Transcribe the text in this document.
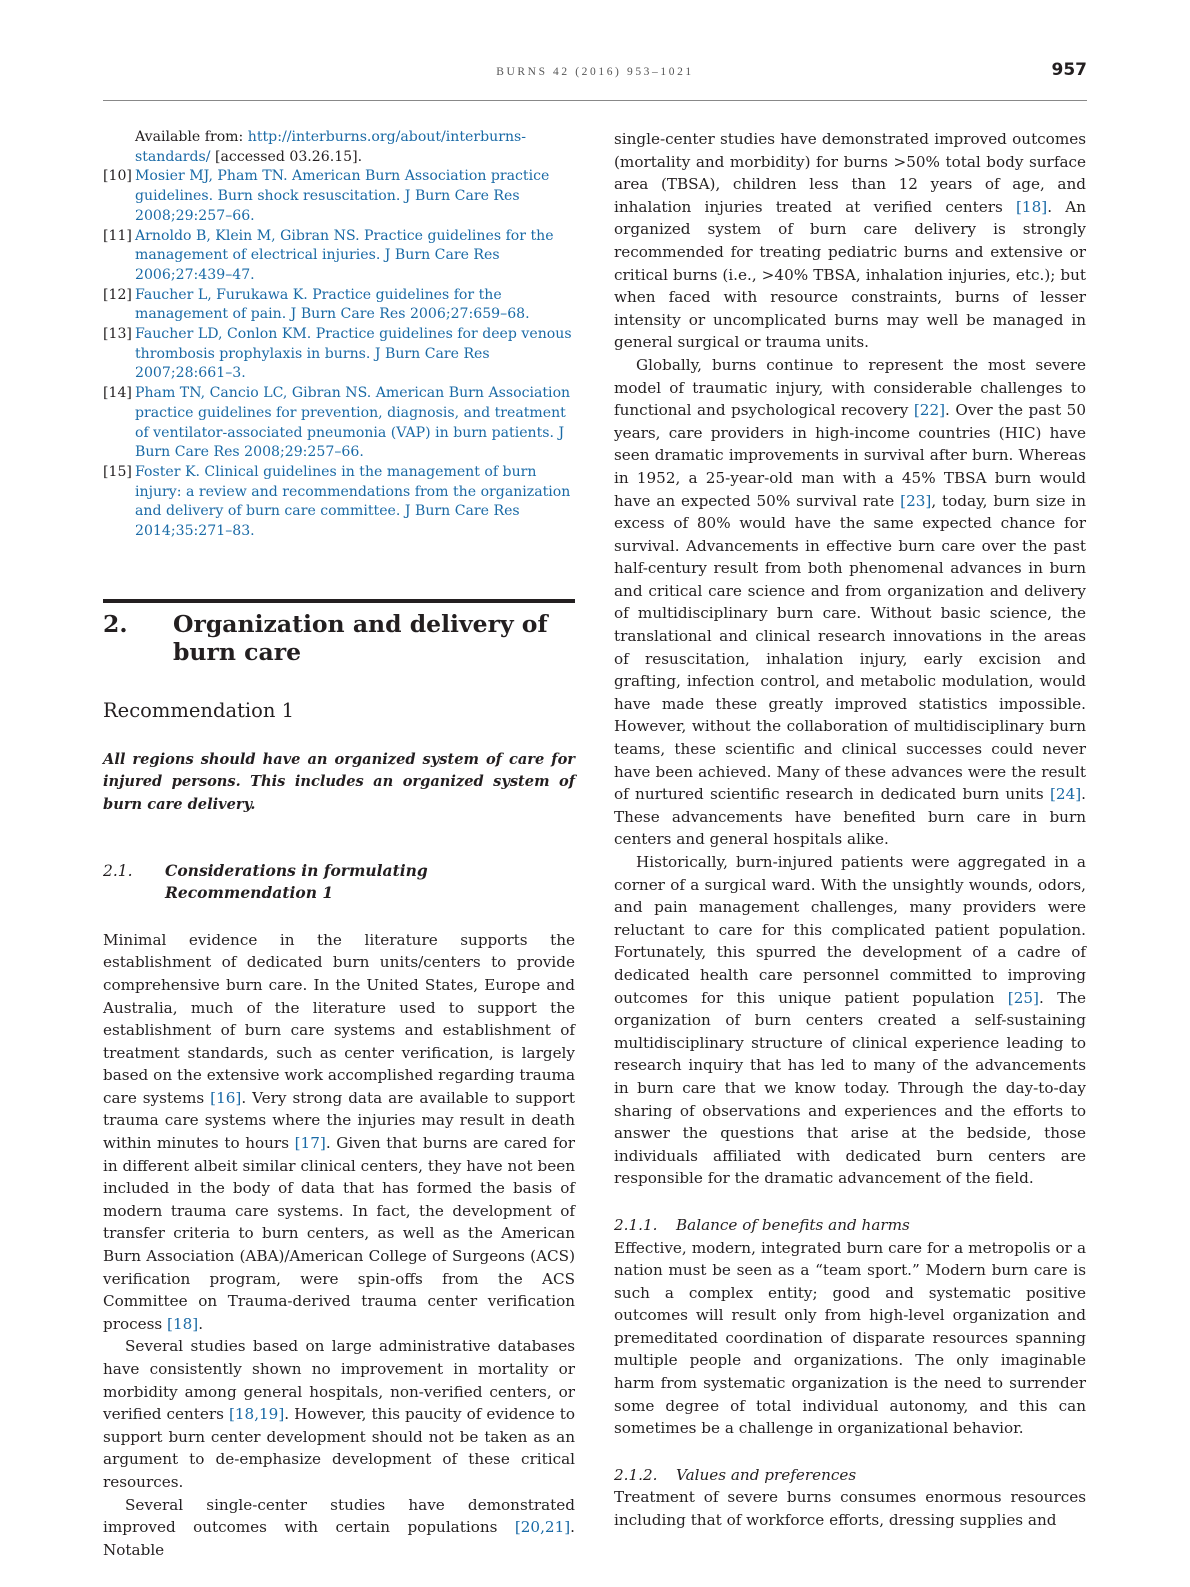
BURNS 42 (2016) 953–1021	957
Available from: http://interburns.org/about/interburns-standards/ [accessed 03.26.15].
[10] Mosier MJ, Pham TN. American Burn Association practice guidelines. Burn shock resuscitation. J Burn Care Res 2008;29:257–66.
[11] Arnoldo B, Klein M, Gibran NS. Practice guidelines for the management of electrical injuries. J Burn Care Res 2006;27:439–47.
[12] Faucher L, Furukawa K. Practice guidelines for the management of pain. J Burn Care Res 2006;27:659–68.
[13] Faucher LD, Conlon KM. Practice guidelines for deep venous thrombosis prophylaxis in burns. J Burn Care Res 2007;28:661–3.
[14] Pham TN, Cancio LC, Gibran NS. American Burn Association practice guidelines for prevention, diagnosis, and treatment of ventilator-associated pneumonia (VAP) in burn patients. J Burn Care Res 2008;29:257–66.
[15] Foster K. Clinical guidelines in the management of burn injury: a review and recommendations from the organization and delivery of burn care committee. J Burn Care Res 2014;35:271–83.
2.	Organization and delivery of burn care
Recommendation 1
All regions should have an organized system of care for injured persons. This includes an organized system of burn care delivery.
2.1.	Considerations in formulating Recommendation 1

Minimal evidence in the literature supports the establishment of dedicated burn units/centers to provide comprehensive burn care. In the United States, Europe and Australia, much of the literature used to support the establishment of burn care systems and establishment of treatment standards, such as center verification, is largely based on the extensive work accomplished regarding trauma care systems [16]. Very strong data are available to support trauma care systems where the injuries may result in death within minutes to hours [17]. Given that burns are cared for in different albeit similar clinical centers, they have not been included in the body of data that has formed the basis of modern trauma care systems. In fact, the development of transfer criteria to burn centers, as well as the American Burn Association (ABA)/American College of Surgeons (ACS) verification program, were spin-offs from the ACS Committee on Trauma-derived trauma center verification process [18].

Several studies based on large administrative databases have consistently shown no improvement in mortality or morbidity among general hospitals, non-verified centers, or verified centers [18,19]. However, this paucity of evidence to support burn center development should not be taken as an argument to de-emphasize development of these critical resources.

Several single-center studies have demonstrated improved outcomes with certain populations [20,21]. Notable

single-center studies have demonstrated improved outcomes (mortality and morbidity) for burns >50% total body surface area (TBSA), children less than 12 years of age, and inhalation injuries treated at verified centers [18]. An organized system of burn care delivery is strongly recommended for treating pediatric burns and extensive or critical burns (i.e., >40% TBSA, inhalation injuries, etc.); but when faced with resource constraints, burns of lesser intensity or uncomplicated burns may well be managed in general surgical or trauma units.

Globally, burns continue to represent the most severe model of traumatic injury, with considerable challenges to functional and psychological recovery [22]. Over the past 50 years, care providers in high-income countries (HIC) have seen dramatic improvements in survival after burn. Whereas in 1952, a 25-year-old man with a 45% TBSA burn would have an expected 50% survival rate [23], today, burn size in excess of 80% would have the same expected chance for survival. Advancements in effective burn care over the past half-century result from both phenomenal advances in burn and critical care science and from organization and delivery of multidisciplinary burn care. Without basic science, the translational and clinical research innovations in the areas of resuscitation, inhalation injury, early excision and grafting, infection control, and metabolic modulation, would have made these greatly improved statistics impossible. However, without the collaboration of multidisciplinary burn teams, these scientific and clinical successes could never have been achieved. Many of these advances were the result of nurtured scientific research in dedicated burn units [24]. These advancements have benefited burn care in burn centers and general hospitals alike.

Historically, burn-injured patients were aggregated in a corner of a surgical ward. With the unsightly wounds, odors, and pain management challenges, many providers were reluctant to care for this complicated patient population. Fortunately, this spurred the development of a cadre of dedicated health care personnel committed to improving outcomes for this unique patient population [25]. The organization of burn centers created a self-sustaining multidisciplinary structure of clinical experience leading to research inquiry that has led to many of the advancements in burn care that we know today. Through the day-to-day sharing of observations and experiences and the efforts to answer the questions that arise at the bedside, those individuals affiliated with dedicated burn centers are responsible for the dramatic advancement of the field.

2.1.1.	Balance of benefits and harms

Effective, modern, integrated burn care for a metropolis or a nation must be seen as a “team sport.” Modern burn care is such a complex entity; good and systematic positive outcomes will result only from high-level organization and premeditated coordination of disparate resources spanning multiple people and organizations. The only imaginable harm from systematic organization is the need to surrender some degree of total individual autonomy, and this can sometimes be a challenge in organizational behavior.

2.1.2.	Values and preferences

Treatment of severe burns consumes enormous resources including that of workforce efforts, dressing supplies and
